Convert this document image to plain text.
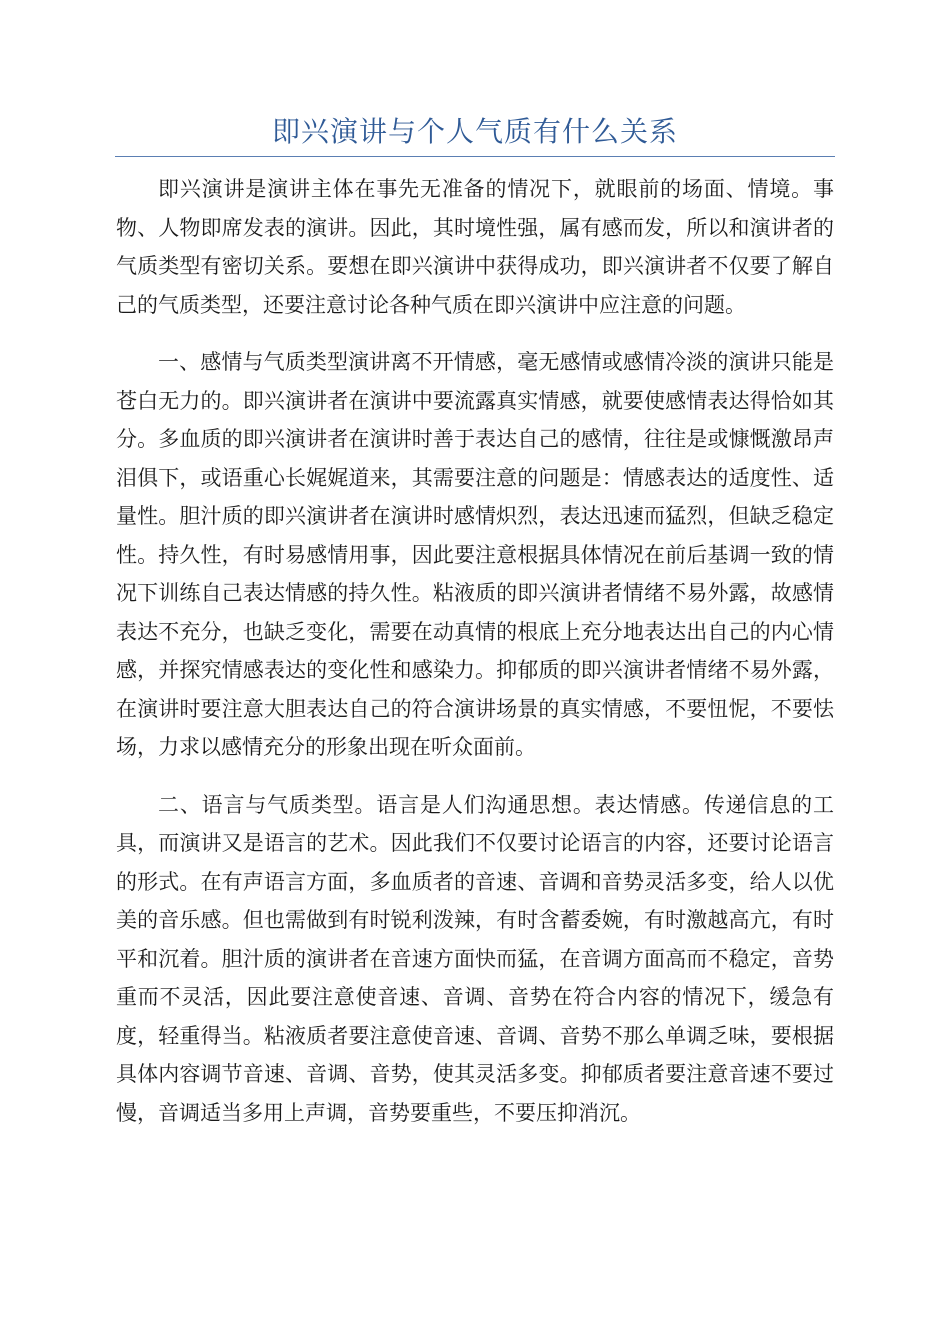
即兴演讲与个人气质有什么关系

即兴演讲是演讲主体在事先无准备的情况下，就眼前的场面、情境。事物、人物即席发表的演讲。因此，其时境性强，属有感而发，所以和演讲者的气质类型有密切关系。要想在即兴演讲中获得成功，即兴演讲者不仅要了解自己的气质类型，还要注意讨论各种气质在即兴演讲中应注意的问题。

一、感情与气质类型演讲离不开情感，毫无感情或感情冷淡的演讲只能是苍白无力的。即兴演讲者在演讲中要流露真实情感，就要使感情表达得恰如其分。多血质的即兴演讲者在演讲时善于表达自己的感情，往往是或慷慨激昂声泪俱下，或语重心长娓娓道来，其需要注意的问题是：情感表达的适度性、适量性。胆汁质的即兴演讲者在演讲时感情炽烈，表达迅速而猛烈，但缺乏稳定性。持久性，有时易感情用事，因此要注意根据具体情况在前后基调一致的情况下训练自己表达情感的持久性。粘液质的即兴演讲者情绪不易外露，故感情表达不充分，也缺乏变化，需要在动真情的根底上充分地表达出自己的内心情感，并探究情感表达的变化性和感染力。抑郁质的即兴演讲者情绪不易外露，在演讲时要注意大胆表达自己的符合演讲场景的真实情感，不要忸怩，不要怯场，力求以感情充分的形象出现在听众面前。

二、语言与气质类型。语言是人们沟通思想。表达情感。传递信息的工具，而演讲又是语言的艺术。因此我们不仅要讨论语言的内容，还要讨论语言的形式。在有声语言方面，多血质者的音速、音调和音势灵活多变，给人以优美的音乐感。但也需做到有时锐利泼辣，有时含蓄委婉，有时激越高亢，有时平和沉着。胆汁质的演讲者在音速方面快而猛，在音调方面高而不稳定，音势重而不灵活，因此要注意使音速、音调、音势在符合内容的情况下，缓急有度，轻重得当。粘液质者要注意使音速、音调、音势不那么单调乏味，要根据具体内容调节音速、音调、音势，使其灵活多变。抑郁质者要注意音速不要过慢，音调适当多用上声调，音势要重些，不要压抑消沉。
